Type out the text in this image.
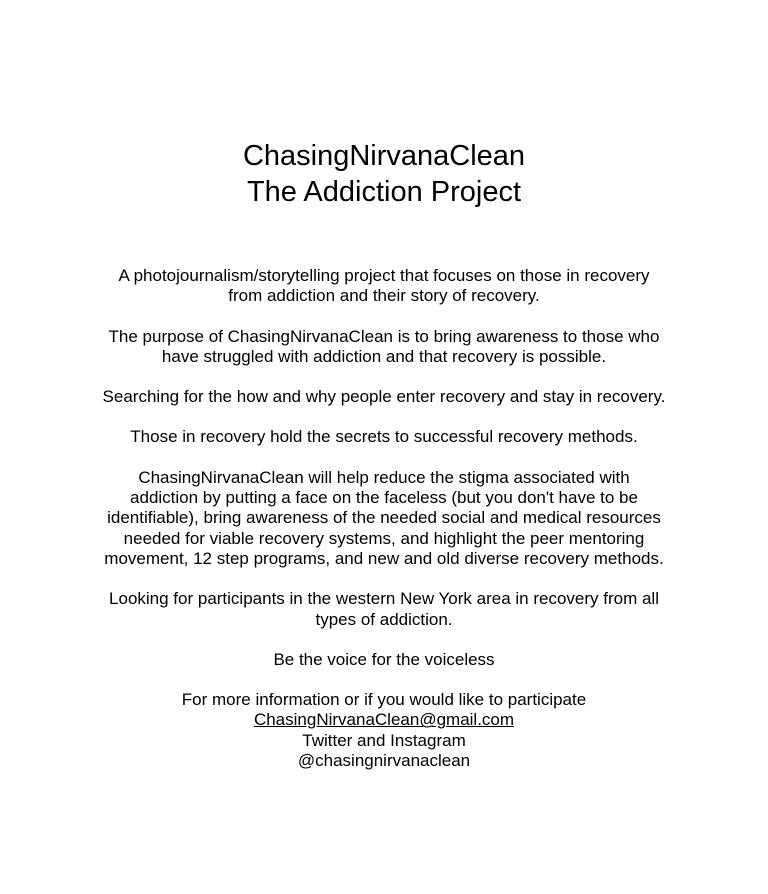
ChasingNirvanaClean
The Addiction Project

A photojournalism/storytelling project that focuses on those in recovery
from addiction and their story of recovery.

The purpose of ChasingNirvanaClean is to bring awareness to those who
have struggled with addiction and that recovery is possible.

Searching for the how and why people enter recovery and stay in recovery.

Those in recovery hold the secrets to successful recovery methods.

ChasingNirvanaClean will help reduce the stigma associated with
addiction by putting a face on the faceless (but you don't have to be
identifiable), bring awareness of the needed social and medical resources
needed for viable recovery systems, and highlight the peer mentoring
movement, 12 step programs, and new and old diverse recovery methods.

Looking for participants in the western New York area in recovery from all
types of addiction.

Be the voice for the voiceless

For more information or if you would like to participate
ChasingNirvanaClean@gmail.com
Twitter and Instagram
@chasingnirvanaclean
